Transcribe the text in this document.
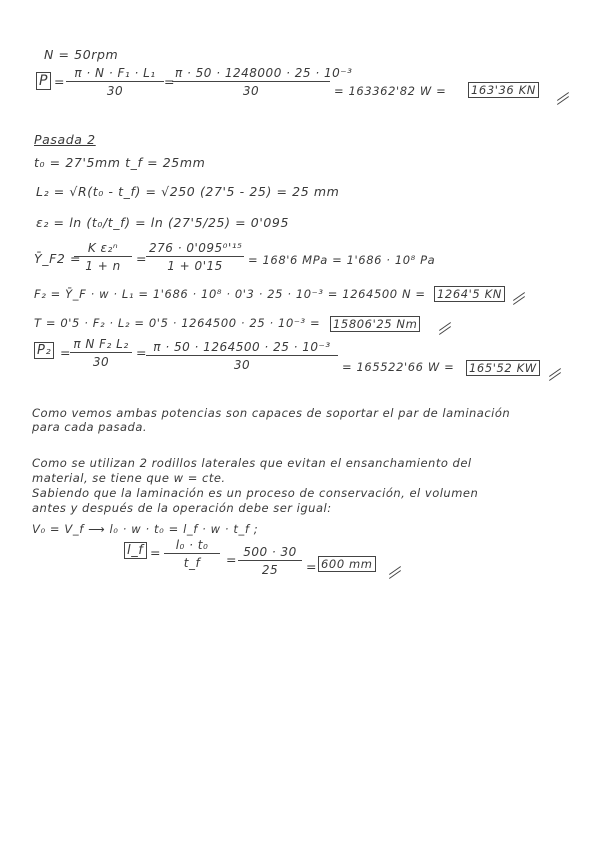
N = 50rpm
$P = \frac{\text{π · N · F₁ · L₁}}{30}$ =
$\frac{\text{π · 50 · 1248000 · 25 · 10⁻³}}{30} = 163362'82$ W = 163'36 KN
Pasada 2
t₀ = 27'5mm t_f = 25mm
L₂ = √R(t₀ - t_f) = √250 (27'5 - 25) = 25 mm
ε₂ = ln (t₀/t_f) = ln (27'5/25) = 0'095
Ȳ_F2 =
$\frac{\text{K ε₂ⁿ}}{1 + n}$ =
$\frac{\text{276 · 0'095⁰'¹⁵}}{1 + 0'15} = 168'6$ MPa = 1'686 · 10⁸ Pa
F₂ = Ȳ_F · w · L₁ = 1'686 · 10⁸ · 0'3 · 25 · 10⁻³ = 1264500 N = 1264'5 KN
T = 0'5 · F₂ · L₂ = 0'5 · 1264500 · 25 · 10⁻³ = 15806'25 Nm
P₂ =
$\frac{\text{π N F₂ L₂}}{30}$ =
$\frac{\text{π · 50 · 1264500 · 25 · 10⁻³}}{30} = 165522'66$ W = 165'52 KW
Como vemos ambas potencias son capaces de soportar el par de laminación
para cada pasada.
Como se utilizan 2 rodillos laterales que evitan el ensanchamiento del
material, se tiene que w = cte.
Sabiendo que la laminación es un proceso de conservación, el volumen
antes y después de la operación debe ser igual:
V₀ = V_f ⟶ l₀ · w · t₀ = l_f · w · t_f ;
l_f = $\frac{\text{l₀ · t₀}}{t\_f} = \frac{500 \cdot 30}{25} = 600$ mm
